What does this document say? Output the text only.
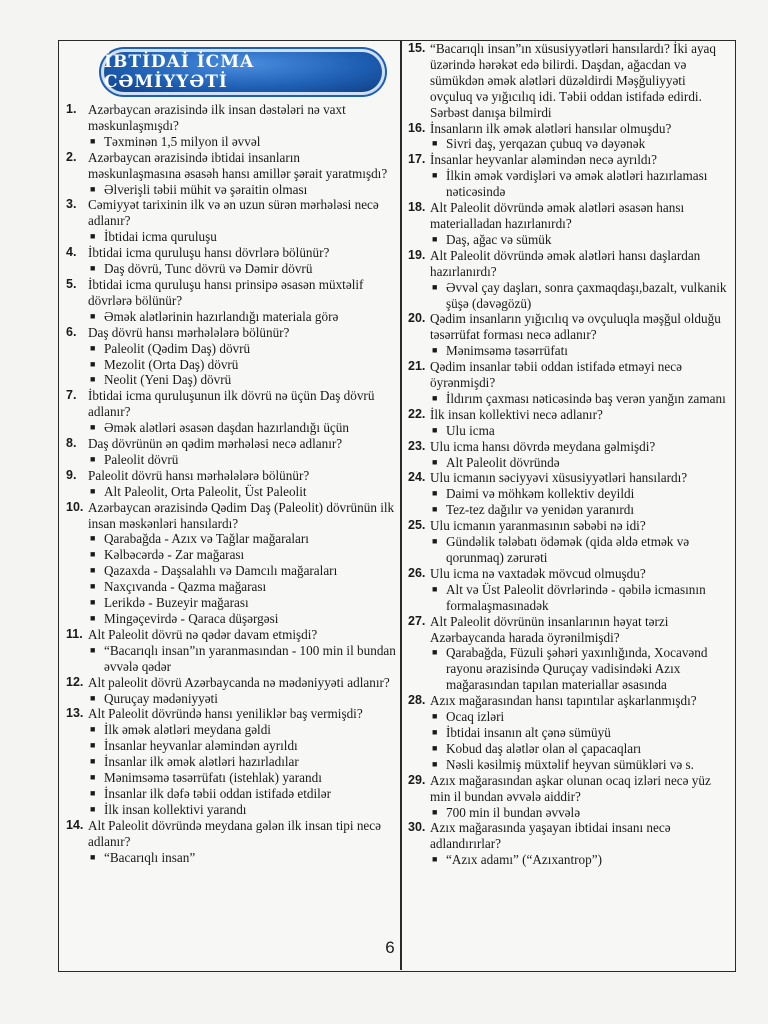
İBTİDAİ İCMA CƏMİYYƏTİ
1. Azərbaycan ərazisində ilk insan dəstələri nə vaxt məskunlaşmışdı?
■ Təxminən 1,5 milyon il əvvəl
2. Azərbaycan ərazisində ibtidai insanların məskunlaşmasına əsasəh hansı amillər şərait yaratmışdı?
■ Əlverişli təbii mühit və şəraitin olması
3. Cəmiyyət tarixinin ilk və ən uzun sürən mərhələsi necə adlanır?
■ İbtidai icma quruluşu
4. İbtidai icma quruluşu hansı dövrlərə bölünür?
■ Daş dövrü, Tunc dövrü və Dəmir dövrü
5. İbtidai icma quruluşu hansı prinsipə əsasən müxtəlif dövrlərə bölünür?
■ Əmək alətlərinin hazırlandığı materiala görə
6. Daş dövrü hansı mərhələlərə bölünür?
■ Paleolit (Qədim Daş) dövrü
■ Mezolit (Orta Daş) dövrü
■ Neolit (Yeni Daş) dövrü
7. İbtidai icma quruluşunun ilk dövrü nə üçün Daş dövrü adlanır?
■ Əmək alətləri əsasən daşdan hazırlandığı üçün
8. Daş dövrünün ən qədim mərhələsi necə adlanır?
■ Paleolit dövrü
9. Paleolit dövrü hansı mərhələlərə bölünür?
■ Alt Paleolit, Orta Paleolit, Üst Paleolit
10. Azərbaycan ərazisində Qədim Daş (Paleolit) dövrünün ilk insan məskənləri hansılardı?
■ Qarabağda - Azıx və Tağlar mağaraları
■ Kəlbəcərdə - Zar mağarası
■ Qazaxda - Daşsalahlı və Damcılı mağaraları
■ Naxçıvanda - Qazma mağarası
■ Lerikdə - Buzeyir mağarası
■ Mingəçevirdə - Qaraca düşərgəsi
11. Alt Paleolit dövrü nə qədər davam etmişdi?
■ “Bacarıqlı insan”ın yaranmasından - 100 min il bundan əvvələ qədər
12. Alt paleolit dövrü Azərbaycanda nə mədəniyyəti adlanır?
■ Quruçay mədəniyyəti
13. Alt Paleolit dövründə hansı yeniliklər baş vermişdi?
■ İlk əmək alətləri meydana gəldi
■ İnsanlar heyvanlar aləmindən ayrıldı
■ İnsanlar ilk əmək alətləri hazırladılar
■ Mənimsəmə təsərrüfatı (istehlak) yarandı
■ İnsanlar ilk dəfə təbii oddan istifadə etdilər
■ İlk insan kollektivi yarandı
14. Alt Paleolit dövründə meydana gələn ilk insan tipi necə adlanır?
■ “Bacarıqlı insan”
15. “Bacarıqlı insan”ın xüsusiyyətləri hansılardı? İki ayaq üzərində hərəkət edə bilirdi. Daşdan, ağacdan və sümükdən əmək alətləri düzəldirdi Məşğuliyyəti ovçuluq və yığıcılıq idi. Təbii oddan istifadə edirdi. Sərbəst danışa bilmirdi
16. İnsanların ilk əmək alətləri hansılar olmuşdu?
■ Sivri daş, yerqazan çubuq və dəyənək
17. İnsanlar heyvanlar aləmindən necə ayrıldı?
■ İlkin əmək vərdişləri və əmək alətləri hazırlaması nəticəsində
18. Alt Paleolit dövründə əmək alətləri əsasən hansı materialladan hazırlanırdı?
■ Daş, ağac və sümük
19. Alt Paleolit dövründə əmək alətləri hansı daşlardan hazırlanırdı?
■ Əvvəl çay daşları, sonra çaxmaqdaşı,bazalt, vulkanik şüşə (dəvəgözü)
20. Qədim insanların yığıcılıq və ovçuluqla məşğul olduğu təsərrüfat forması necə adlanır?
■ Mənimsəmə təsərrüfatı
21. Qədim insanlar təbii oddan istifadə etməyi necə öyrənmişdi?
■ İldırım çaxması nəticəsində baş verən yanğın zamanı
22. İlk insan kollektivi necə adlanır?
■ Ulu icma
23. Ulu icma hansı dövrdə meydana gəlmişdi?
■ Alt Paleolit dövründə
24. Ulu icmanın səciyyəvi xüsusiyyətləri hansılardı?
■ Daimi və möhkəm kollektiv deyildi
■ Tez-tez dağılır və yenidən yaranırdı
25. Ulu icmanın yaranmasının səbəbi nə idi?
■ Gündəlik tələbatı ödəmək (qida əldə etmək və qorunmaq) zərurəti
26. Ulu icma nə vaxtadək mövcud olmuşdu?
■ Alt və Üst Paleolit dövrlərində - qəbilə icmasının formalaşmasınadək
27. Alt Paleolit dövrünün insanlarının həyat tərzi Azərbaycanda harada öyrənilmişdi?
■ Qarabağda, Füzuli şəhəri yaxınlığında, Xocavənd rayonu ərazisində Quruçay vadisindəki Azıx mağarasından tapılan materiallar əsasında
28. Azıx mağarasından hansı tapıntılar aşkarlanmışdı?
■ Ocaq izləri
■ İbtidai insanın alt çənə sümüyü
■ Kobud daş alətlər olan əl çapacaqları
■ Nəsli kəsilmiş müxtəlif heyvan sümükləri və s.
29. Azıx mağarasından aşkar olunan ocaq izləri necə yüz min il bundan əvvələ aiddir?
■ 700 min il bundan əvvələ
30. Azıx mağarasında yaşayan ibtidai insanı necə adlandırırlar?
■ “Azıx adamı” (“Azıxantrop”)
6
